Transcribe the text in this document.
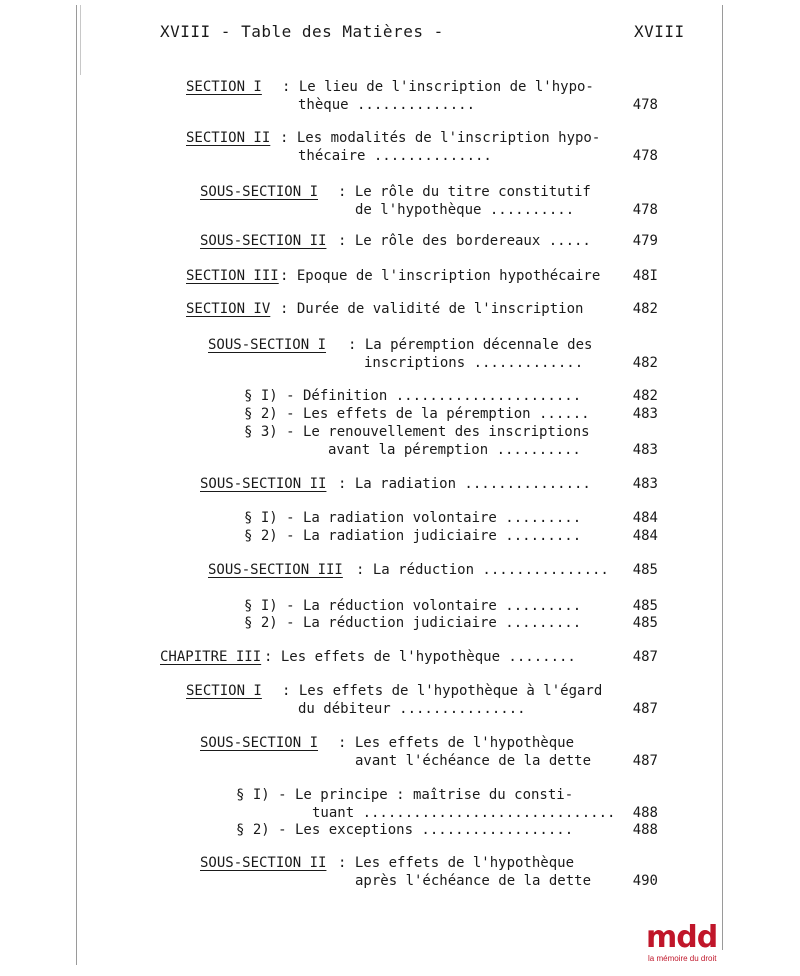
XVIII - Table des Matières -	XVIII
SECTION I : Le lieu de l'inscription de l'hypo-
thèque ..............	478
SECTION II : Les modalités de l'inscription hypo-
thécaire ..............	478
SOUS-SECTION I : Le rôle du titre constitutif
de l'hypothèque ..........	478
SOUS-SECTION II : Le rôle des bordereaux .....	479
SECTION III : Epoque de l'inscription hypothécaire	48I
SECTION IV : Durée de validité de l'inscription	482
SOUS-SECTION I : La péremption décennale des
inscriptions .............	482
§ I) - Définition ......................	482
§ 2) - Les effets de la péremption ......	483
§ 3) - Le renouvellement des inscriptions
avant la péremption ..........	483
SOUS-SECTION II : La radiation ...............	483
§ I) - La radiation volontaire .........	484
§ 2) - La radiation judiciaire .........	484
SOUS-SECTION III : La réduction ...............	485
§ I) - La réduction volontaire .........	485
§ 2) - La réduction judiciaire .........	485
CHAPITRE III : Les effets de l'hypothèque ........	487
SECTION I : Les effets de l'hypothèque à l'égard
du débiteur ...............	487
SOUS-SECTION I : Les effets de l'hypothèque
avant l'échéance de la dette	487
§ I) - Le principe : maîtrise du consti-
tuant ..............................	488
§ 2) - Les exceptions ..................	488
SOUS-SECTION II : Les effets de l'hypothèque
après l'échéance de la dette	490
mdd
la mémoire du droit
